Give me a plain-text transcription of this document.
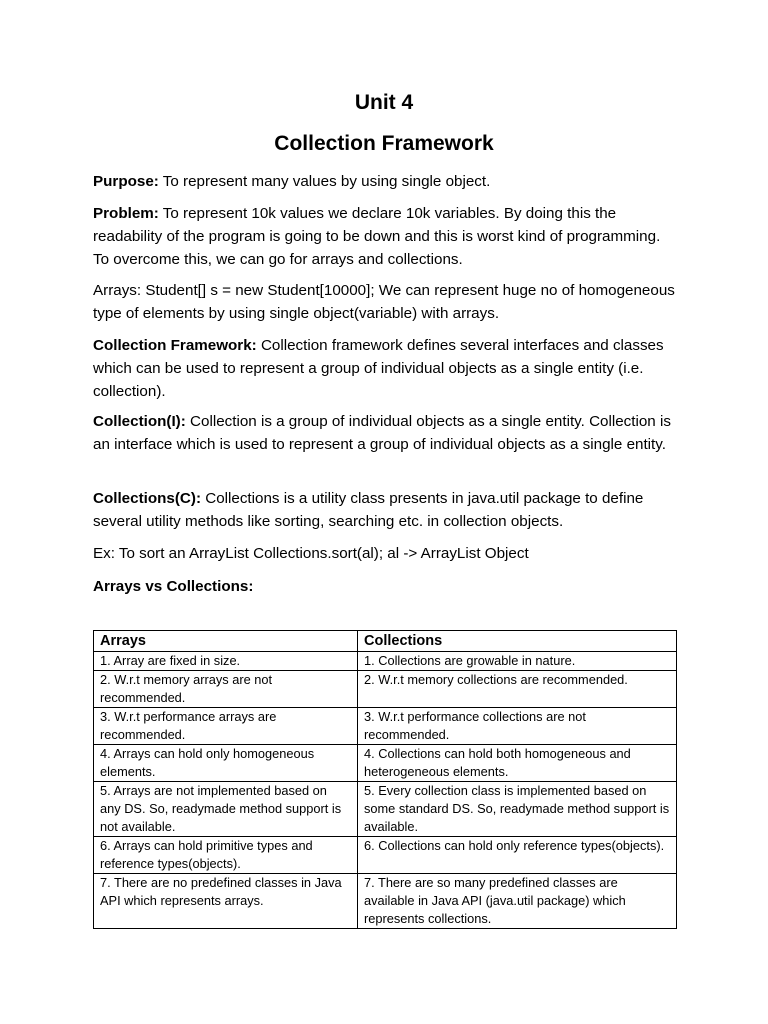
Unit 4
Collection Framework
Purpose: To represent many values by using single object.
Problem: To represent 10k values we declare 10k variables. By doing this the readability of the program is going to be down and this is worst kind of programming. To overcome this, we can go for arrays and collections.
Arrays: Student[] s = new Student[10000]; We can represent huge no of homogeneous type of elements by using single object(variable) with arrays.
Collection Framework: Collection framework defines several interfaces and classes which can be used to represent a group of individual objects as a single entity (i.e. collection).
Collection(I): Collection is a group of individual objects as a single entity. Collection is an interface which is used to represent a group of individual objects as a single entity.
Collections(C): Collections is a utility class presents in java.util package to define several utility methods like sorting, searching etc. in collection objects.
Ex: To sort an ArrayList Collections.sort(al); al -> ArrayList Object
Arrays vs Collections:
Arrays	Collections
1. Array are fixed in size.	1. Collections are growable in nature.
2. W.r.t memory arrays are not recommended.	2. W.r.t memory collections are recommended.
3. W.r.t performance arrays are recommended.	3. W.r.t performance collections are not recommended.
4. Arrays can hold only homogeneous elements.	4. Collections can hold both homogeneous and heterogeneous elements.
5. Arrays are not implemented based on any DS. So, readymade method support is not available.	5. Every collection class is implemented based on some standard DS. So, readymade method support is available.
6. Arrays can hold primitive types and reference types(objects).	6. Collections can hold only reference types(objects).
7. There are no predefined classes in Java API which represents arrays.	7. There are so many predefined classes are available in Java API (java.util package) which represents collections.
